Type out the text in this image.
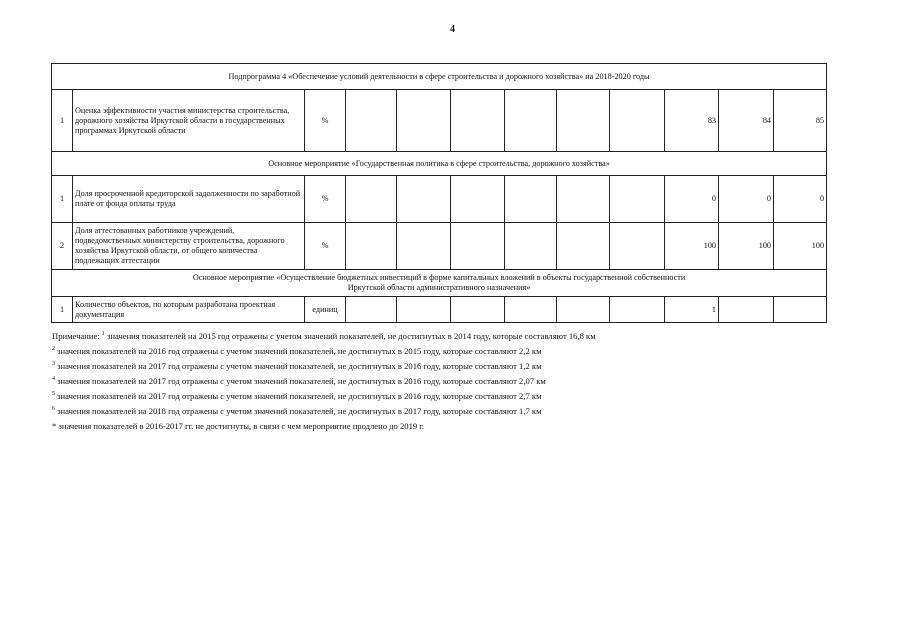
4
Подпрограмма 4 «Обеспечение условий деятельности в сфере строительства и дорожного хозяйства» на 2018-2020 годы											
1	Оценка эффективности участия министерства строительства, дорожного хозяйства Иркутской области в государственных программах Иркутской области	%							83	84	85
Основное мероприятие «Государственная политика в сфере строительства, дорожного хозяйства»											
1	Доля просроченной кредиторской задолженности по заработной плате от фонда оплаты труда	%							0	0	0
2	Доля аттестованных работников учреждений, подведомственных министерству строительства, дорожного хозяйства Иркутской области, от общего количества подлежащих аттестации	%							100	100	100

Основное мероприятие «Осуществление бюджетных инвестиций в форме капитальных вложений в объекты государственной собственности
Иркутской области административного назначения»											

1	Количество объектов, по которым разработана проектная документация	единиц							1		

Примечание: $^1$ значения показателей на 2015 год отражены с учетом значений показателей, не достигнутых в 2014 году, которые составляют 16,8 км

$^2$ значения показателей на 2016 год отражены с учетом значений показателей, не достигнутых в 2015 году, которые составляют 2,2 км

$^3$ значения показателей на 2017 год отражены с учетом значений показателей, не достигнутых в 2016 году, которые составляют 1,2 км

$^4$ значения показателей на 2017 год отражены с учетом значений показателей, не достигнутых в 2016 году, которые составляют 2,07 км

$^5$ значения показателей на 2017 год отражены с учетом значений показателей, не достигнутых в 2016 году, которые составляют 2,7 км

$^6$ значения показателей на 2018 год отражены с учетом значений показателей, не достигнутых в 2017 году, которые составляют 1,7 км

* значения показателей в 2016-2017 гг. не достигнуты, в связи с чем мероприятие продлено до 2019 г.
